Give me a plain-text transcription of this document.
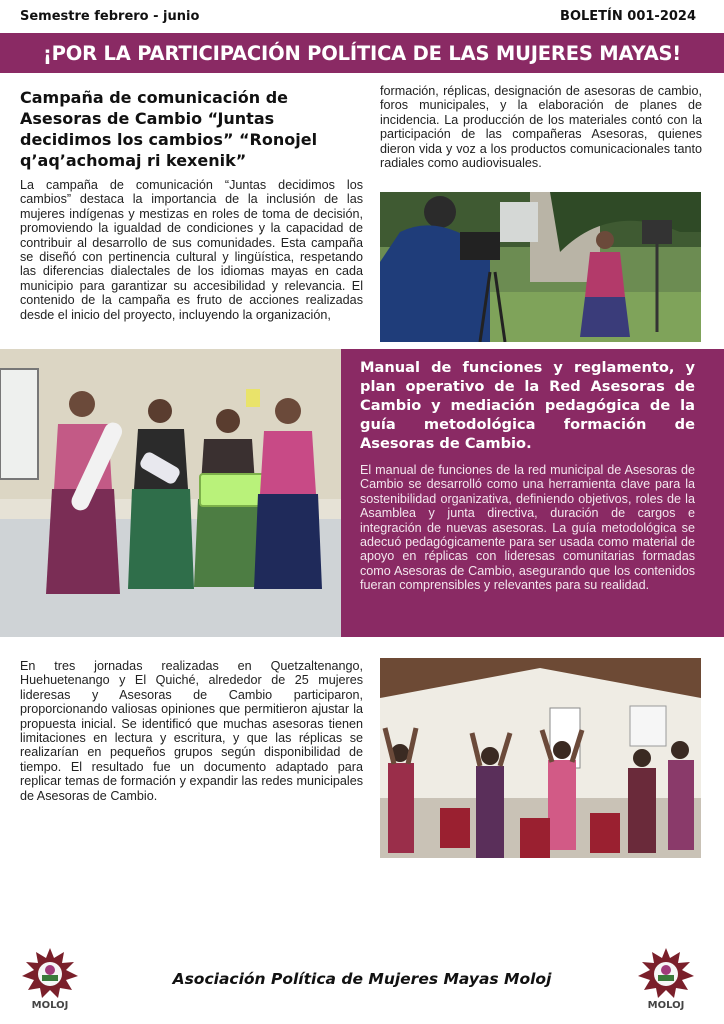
Semestre febrero - junio	BOLETÍN 001-2024
¡POR LA PARTICIPACIÓN POLÍTICA DE LAS MUJERES MAYAS!
Campaña de comunicación de Asesoras de Cambio “Juntas decidimos los cambios” “Ronojel q’aq’achomaj ri kexenik”

La campaña de comunicación “Juntas decidimos los cambios” destaca la importancia de la inclusión de las mujeres indígenas y mestizas en roles de toma de decisión, promoviendo la igualdad de condiciones y la capacidad de contribuir al desarrollo de sus comunidades. Esta campaña se diseñó con pertinencia cultural y lingüística, respetando las diferencias dialectales de los idiomas mayas en cada municipio para garantizar su accesibilidad y relevancia. El contenido de la campaña es fruto de acciones realizadas desde el inicio del proyecto, incluyendo la organización,

formación, réplicas, designación de asesoras de cambio, foros municipales, y la elaboración de planes de incidencia. La producción de los materiales contó con la participación de las compañeras Asesoras, quienes dieron vida y voz a los productos comunicacionales tanto radiales como audiovisuales.

Manual de funciones y reglamento, y plan operativo de la Red Asesoras de Cambio y mediación pedagógica de la guía metodológica formación de Asesoras de Cambio.

El manual de funciones de la red municipal de Asesoras de Cambio se desarrolló como una herramienta clave para la sostenibilidad organizativa, definiendo objetivos, roles de la Asamblea y junta directiva, duración de cargos e integración de nuevas asesoras. La guía metodológica se adecuó pedagógicamente para ser usada como material de apoyo en réplicas con lideresas comunitarias formadas como Asesoras de Cambio, asegurando que los contenidos fueran comprensibles y relevantes para su realidad.

En tres jornadas realizadas en Quetzaltenango, Huehuetenango y El Quiché, alrededor de 25 mujeres lideresas y Asesoras de Cambio participaron, proporcionando valiosas opiniones que permitieron ajustar la propuesta inicial. Se identificó que muchas asesoras tienen limitaciones en lectura y escritura, y que las réplicas se realizarían en pequeños grupos según disponibilidad de tiempo. El resultado fue un documento adaptado para replicar temas de formación y expandir las redes municipales de Asesoras de Cambio.

MOLOJ
Asociación Política de Mujeres Mayas Moloj
MOLOJ
